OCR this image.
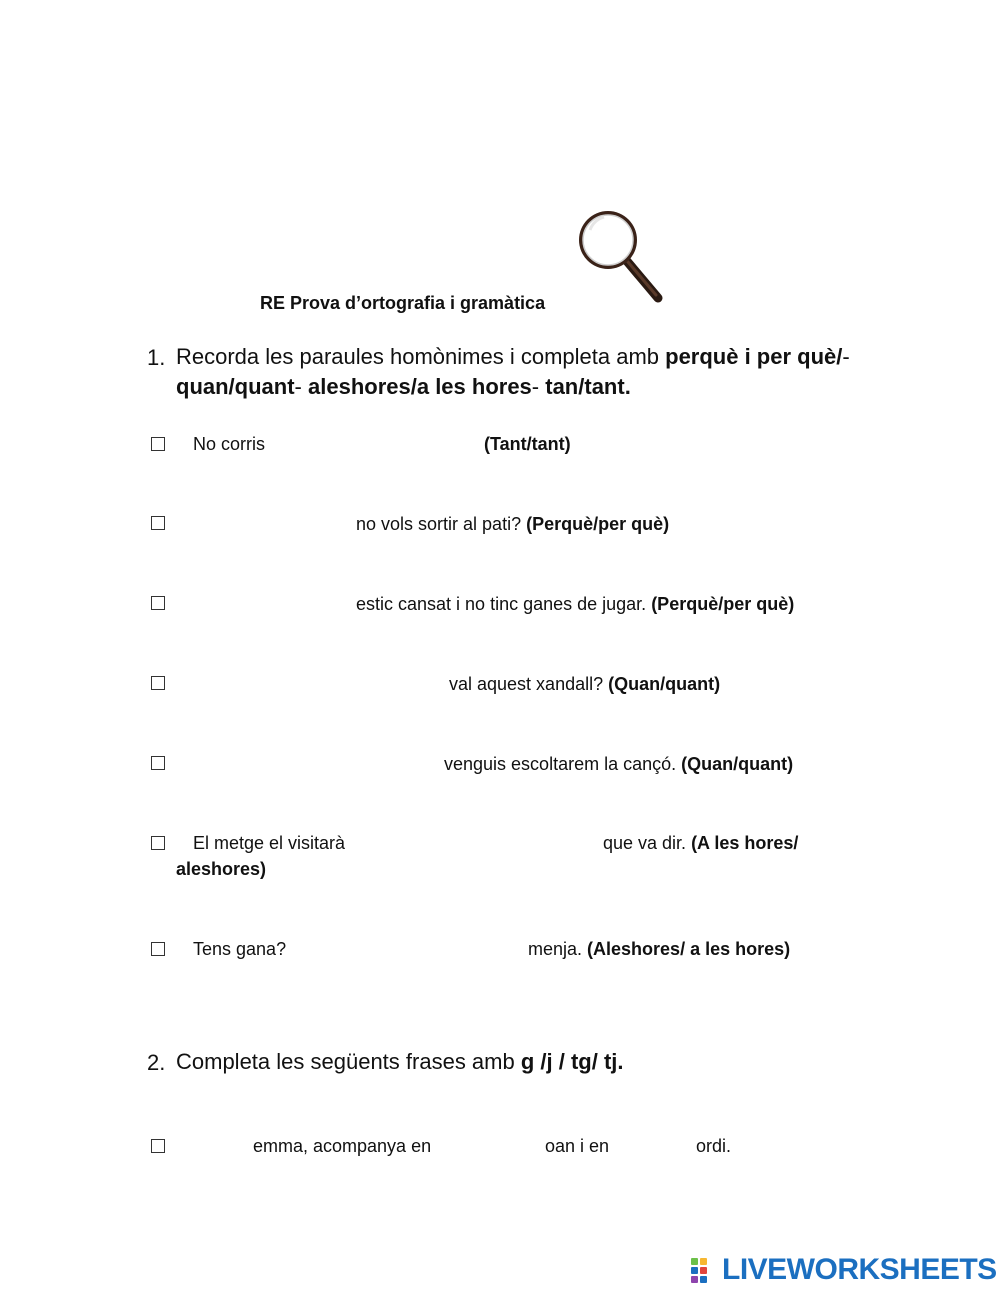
RE Prova d’ortografia i gramàtica
1. Recorda les paraules homònimes i completa amb perquè i per què/-
quan/quant- aleshores/a les hores- tan/tant.
No corris	(Tant/tant)
no vols sortir al pati? (Perquè/per què)
estic cansat i no tinc ganes de jugar. (Perquè/per què)
val aquest xandall? (Quan/quant)
venguis escoltarem la cançó. (Quan/quant)
El metge el visitarà	que va dir. (A les hores/
aleshores)
Tens gana?	menja. (Aleshores/ a les hores)
2. Completa les següents frases amb g /j / tg/ tj.
emma, acompanya en	oan i en	ordi.
LIVEWORKSHEETS
